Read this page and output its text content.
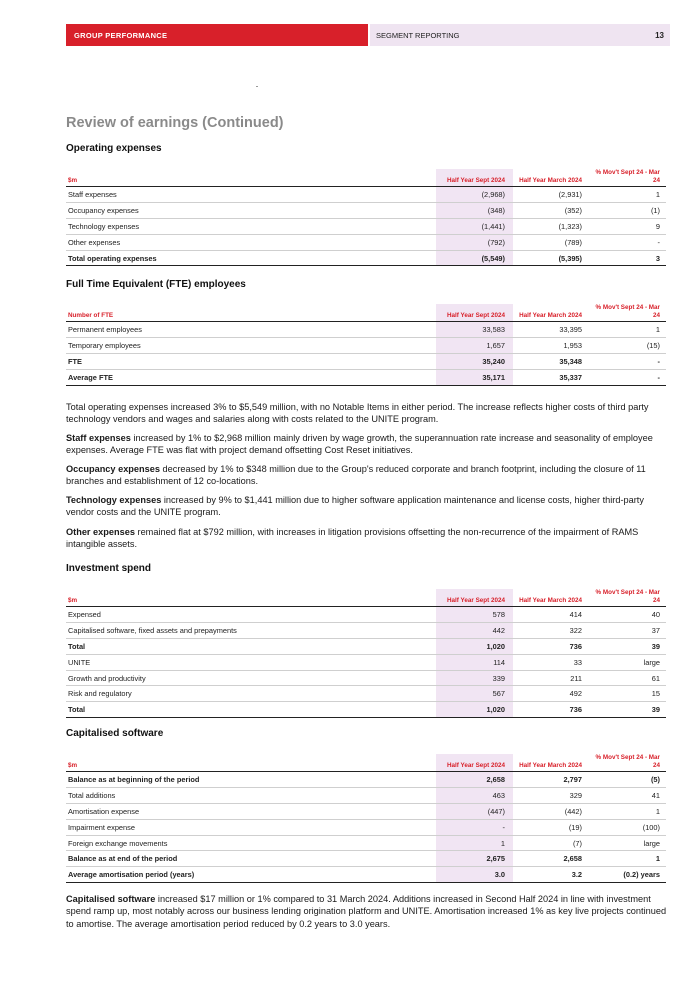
GROUP PERFORMANCE	SEGMENT REPORTING	13
Review of earnings (Continued)
Operating expenses
$m	Half Year Sept 2024	Half Year March 2024	% Mov't Sept 24 - Mar 24
Staff expenses	(2,968)	(2,931)	1
Occupancy expenses	(348)	(352)	(1)
Technology expenses	(1,441)	(1,323)	9
Other expenses	(792)	(789)	-
Total operating expenses	(5,549)	(5,395)	3
Full Time Equivalent (FTE) employees
Number of FTE	Half Year Sept 2024	Half Year March 2024	% Mov't Sept 24 - Mar 24
Permanent employees	33,583	33,395	1
Temporary employees	1,657	1,953	(15)
FTE	35,240	35,348	-
Average FTE	35,171	35,337	-

Total operating expenses increased 3% to $5,549 million, with no Notable Items in either period. The increase reflects higher costs of third party technology vendors and wages and salaries along with costs related to the UNITE program.

Staff expenses increased by 1% to $2,968 million mainly driven by wage growth, the superannuation rate increase and seasonality of employee expenses. Average FTE was flat with project demand offsetting Cost Reset initiatives.

Occupancy expenses decreased by 1% to $348 million due to the Group's reduced corporate and branch footprint, including the closure of 11 branches and establishment of 12 co-locations.

Technology expenses increased by 9% to $1,441 million due to higher software application maintenance and license costs, higher third-party vendor costs and the UNITE program.

Other expenses remained flat at $792 million, with increases in litigation provisions offsetting the non-recurrence of the impairment of RAMS intangible assets.

Investment spend
$m	Half Year Sept 2024	Half Year March 2024	% Mov't Sept 24 - Mar 24
Expensed	578	414	40
Capitalised software, fixed assets and prepayments	442	322	37
Total	1,020	736	39
UNITE	114	33	large
Growth and productivity	339	211	61
Risk and regulatory	567	492	15
Total	1,020	736	39
Capitalised software
$m	Half Year Sept 2024	Half Year March 2024	% Mov't Sept 24 - Mar 24
Balance as at beginning of the period	2,658	2,797	(5)
Total additions	463	329	41
Amortisation expense	(447)	(442)	1
Impairment expense	-	(19)	(100)
Foreign exchange movements	1	(7)	large
Balance as at end of the period	2,675	2,658	1
Average amortisation period (years)	3.0	3.2	(0.2) years

Capitalised software increased $17 million or 1% compared to 31 March 2024. Additions increased in Second Half 2024 in line with investment spend ramp up, most notably across our business lending origination platform and UNITE. Amortisation increased 1% as key live projects continued to amortise. The average amortisation period reduced by 0.2 years to 3.0 years.
